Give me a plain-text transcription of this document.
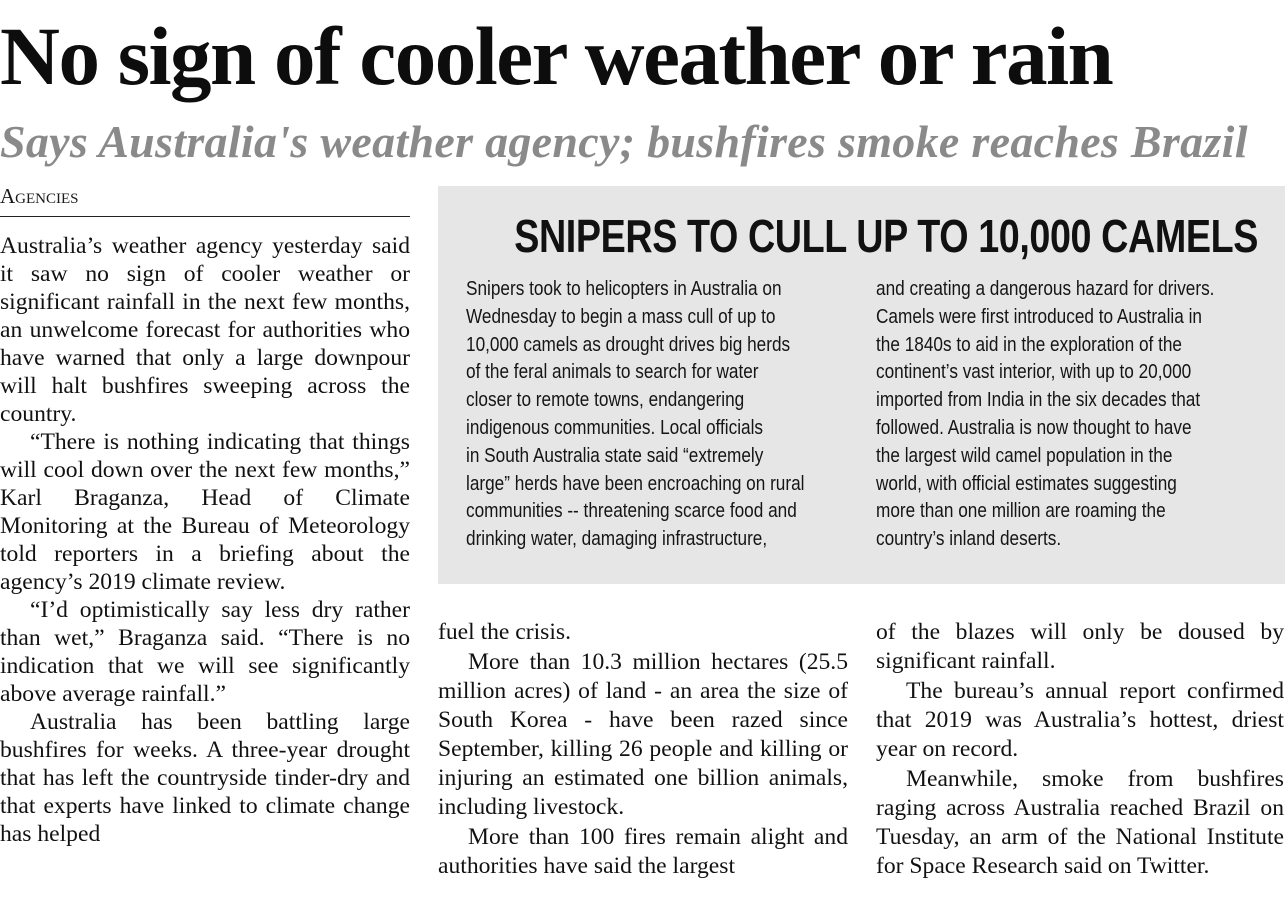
No sign of cooler weather or rain
Says Australia's weather agency; bushfires smoke reaches Brazil
Agencies

Australia’s weather agency yesterday said it saw no sign of cooler weather or significant rainfall in the next few months, an unwelcome forecast for authorities who have warned that only a large downpour will halt bushfires sweeping across the country.

“There is nothing indicating that things will cool down over the next few months,” Karl Braganza, Head of Climate Monitoring at the Bureau of Meteorology told reporters in a briefing about the agency’s 2019 climate review.

“I’d optimistically say less dry rather than wet,” Braganza said. “There is no indication that we will see significantly above average rainfall.”

Australia has been battling large bushfires for weeks. A three-year drought that has left the countryside tinder-dry and that experts have linked to climate change has helped

SNIPERS TO CULL UP TO 10,000 CAMELS
Snipers took to helicopters in Australia on
Wednesday to begin a mass cull of up to
10,000 camels as drought drives big herds
of the feral animals to search for water
closer to remote towns, endangering
indigenous communities. Local officials
in South Australia state said “extremely
large” herds have been encroaching on rural
communities -- threatening scarce food and
drinking water, damaging infrastructure,
and creating a dangerous hazard for drivers.
Camels were first introduced to Australia in
the 1840s to aid in the exploration of the
continent’s vast interior, with up to 20,000
imported from India in the six decades that
followed. Australia is now thought to have
the largest wild camel population in the
world, with official estimates suggesting
more than one million are roaming the
country’s inland deserts.

fuel the crisis.

More than 10.3 million hectares (25.5 million acres) of land - an area the size of South Korea - have been razed since September, killing 26 people and killing or injuring an estimated one billion animals, including livestock.

More than 100 fires remain alight and authorities have said the largest

of the blazes will only be doused by significant rainfall.

The bureau’s annual report confirmed that 2019 was Australia’s hottest, driest year on record.

Meanwhile, smoke from bushfires raging across Australia reached Brazil on Tuesday, an arm of the National Institute for Space Research said on Twitter.
